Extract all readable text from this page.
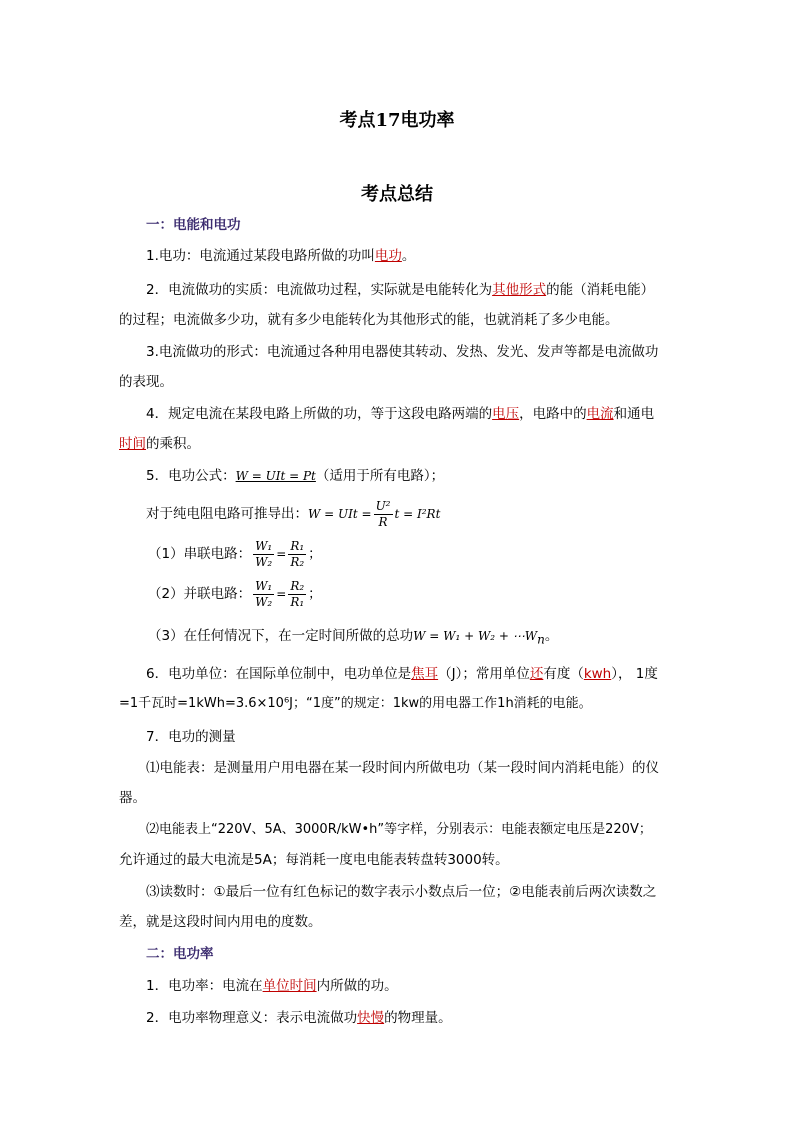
考点17电功率
考点总结
一：电能和电功
1.电功：电流通过某段电路所做的功叫电功。
2．电流做功的实质：电流做功过程，实际就是电能转化为其他形式的能（消耗电能）
的过程；电流做多少功，就有多少电能转化为其他形式的能，也就消耗了多少电能。
3.电流做功的形式：电流通过各种用电器使其转动、发热、发光、发声等都是电流做功
的表现。
4．规定电流在某段电路上所做的功，等于这段电路两端的电压，电路中的电流和通电
时间的乘积。
5．电功公式：W = UIt = Pt（适用于所有电路）；
对于纯电阻电路可推导出：W = UIt = $\frac{\text{U²}}{R}$ t = I²Rt
（1）串联电路： $\frac{\text{W₁}}{\text{W₂}} = \frac{\text{R₁}}{\text{R₂}}$ ；
（2）并联电路： $\frac{\text{W₁}}{\text{W₂}} = \frac{\text{R₂}}{\text{R₁}}$ ；
（3）在任何情况下，在一定时间所做的总功$W = W_1 + W_2 + \cdots W_n$。
6．电功单位：在国际单位制中，电功单位是焦耳（J）；常用单位还有度（kwh）， 1度
=1千瓦时=1kWh=3.6×10⁶J；“1度”的规定：1kw的用电器工作1h消耗的电能。
7．电功的测量
⑴电能表：是测量用户用电器在某一段时间内所做电功（某一段时间内消耗电能）的仪
器。
⑵电能表上“220V、5A、3000R/kW•h”等字样，分别表示：电能表额定电压是220V；
允许通过的最大电流是5A；每消耗一度电电能表转盘转3000转。
⑶读数时：①最后一位有红色标记的数字表示小数点后一位；②电能表前后两次读数之
差，就是这段时间内用电的度数。
二：电功率
1．电功率：电流在单位时间内所做的功。
2．电功率物理意义：表示电流做功快慢的物理量。
